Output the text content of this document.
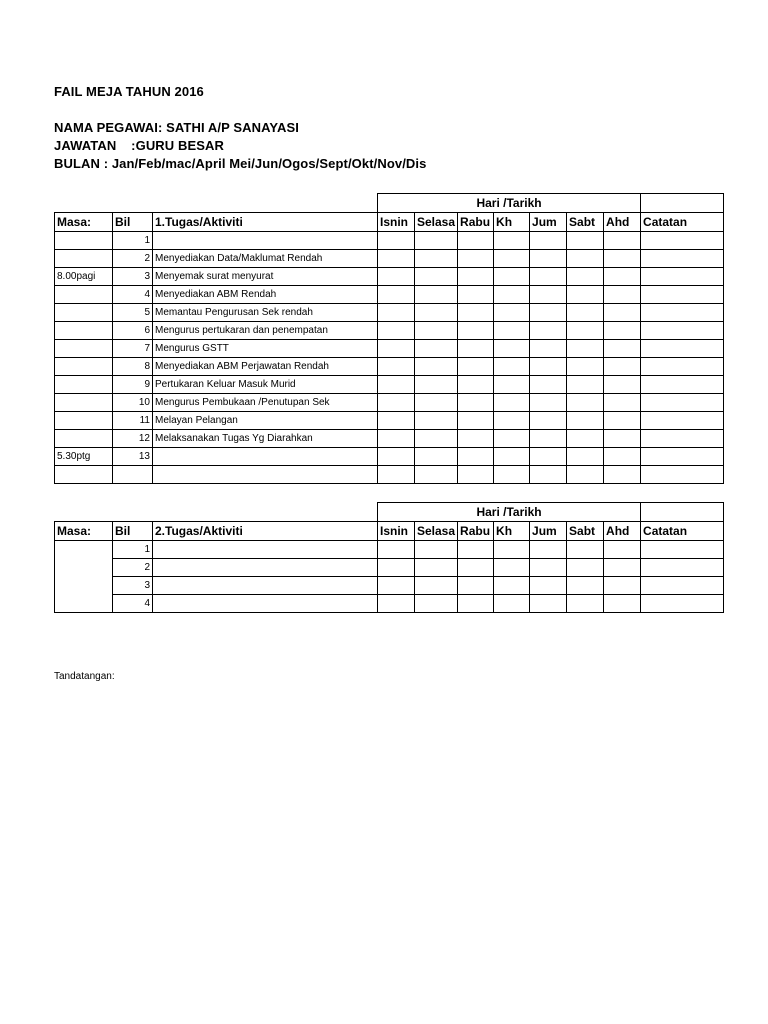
FAIL MEJA TAHUN 2016
NAMA PEGAWAI: SATHI A/P SANAYASI
JAWATAN    :GURU BESAR
BULAN : Jan/Feb/mac/April Mei/Jun/Ogos/Sept/Okt/Nov/Dis
			Hari /Tarikh							
Masa:	Bil	1.Tugas/Aktiviti	Isnin	Selasa	Rabu	Kh	Jum	Sabt	Ahd	Catatan
	1									
	2	Menyediakan Data/Maklumat Rendah								
8.00pagi	3	Menyemak surat menyurat								
	4	Menyediakan ABM Rendah								
	5	Memantau Pengurusan Sek rendah								
	6	Mengurus pertukaran dan penempatan								
	7	Mengurus GSTT								
	8	Menyediakan ABM Perjawatan Rendah								
	9	Pertukaran Keluar Masuk Murid								
	10	Mengurus Pembukaan /Penutupan Sek								
	11	Melayan Pelangan								
	12	Melaksanakan Tugas Yg Diarahkan								
5.30ptg	13									

			Hari /Tarikh							
Masa:	Bil	2.Tugas/Aktiviti	Isnin	Selasa	Rabu	Kh	Jum	Sabt	Ahd	Catatan
	1									
	2									
	3									
	4									
Tandatangan:
